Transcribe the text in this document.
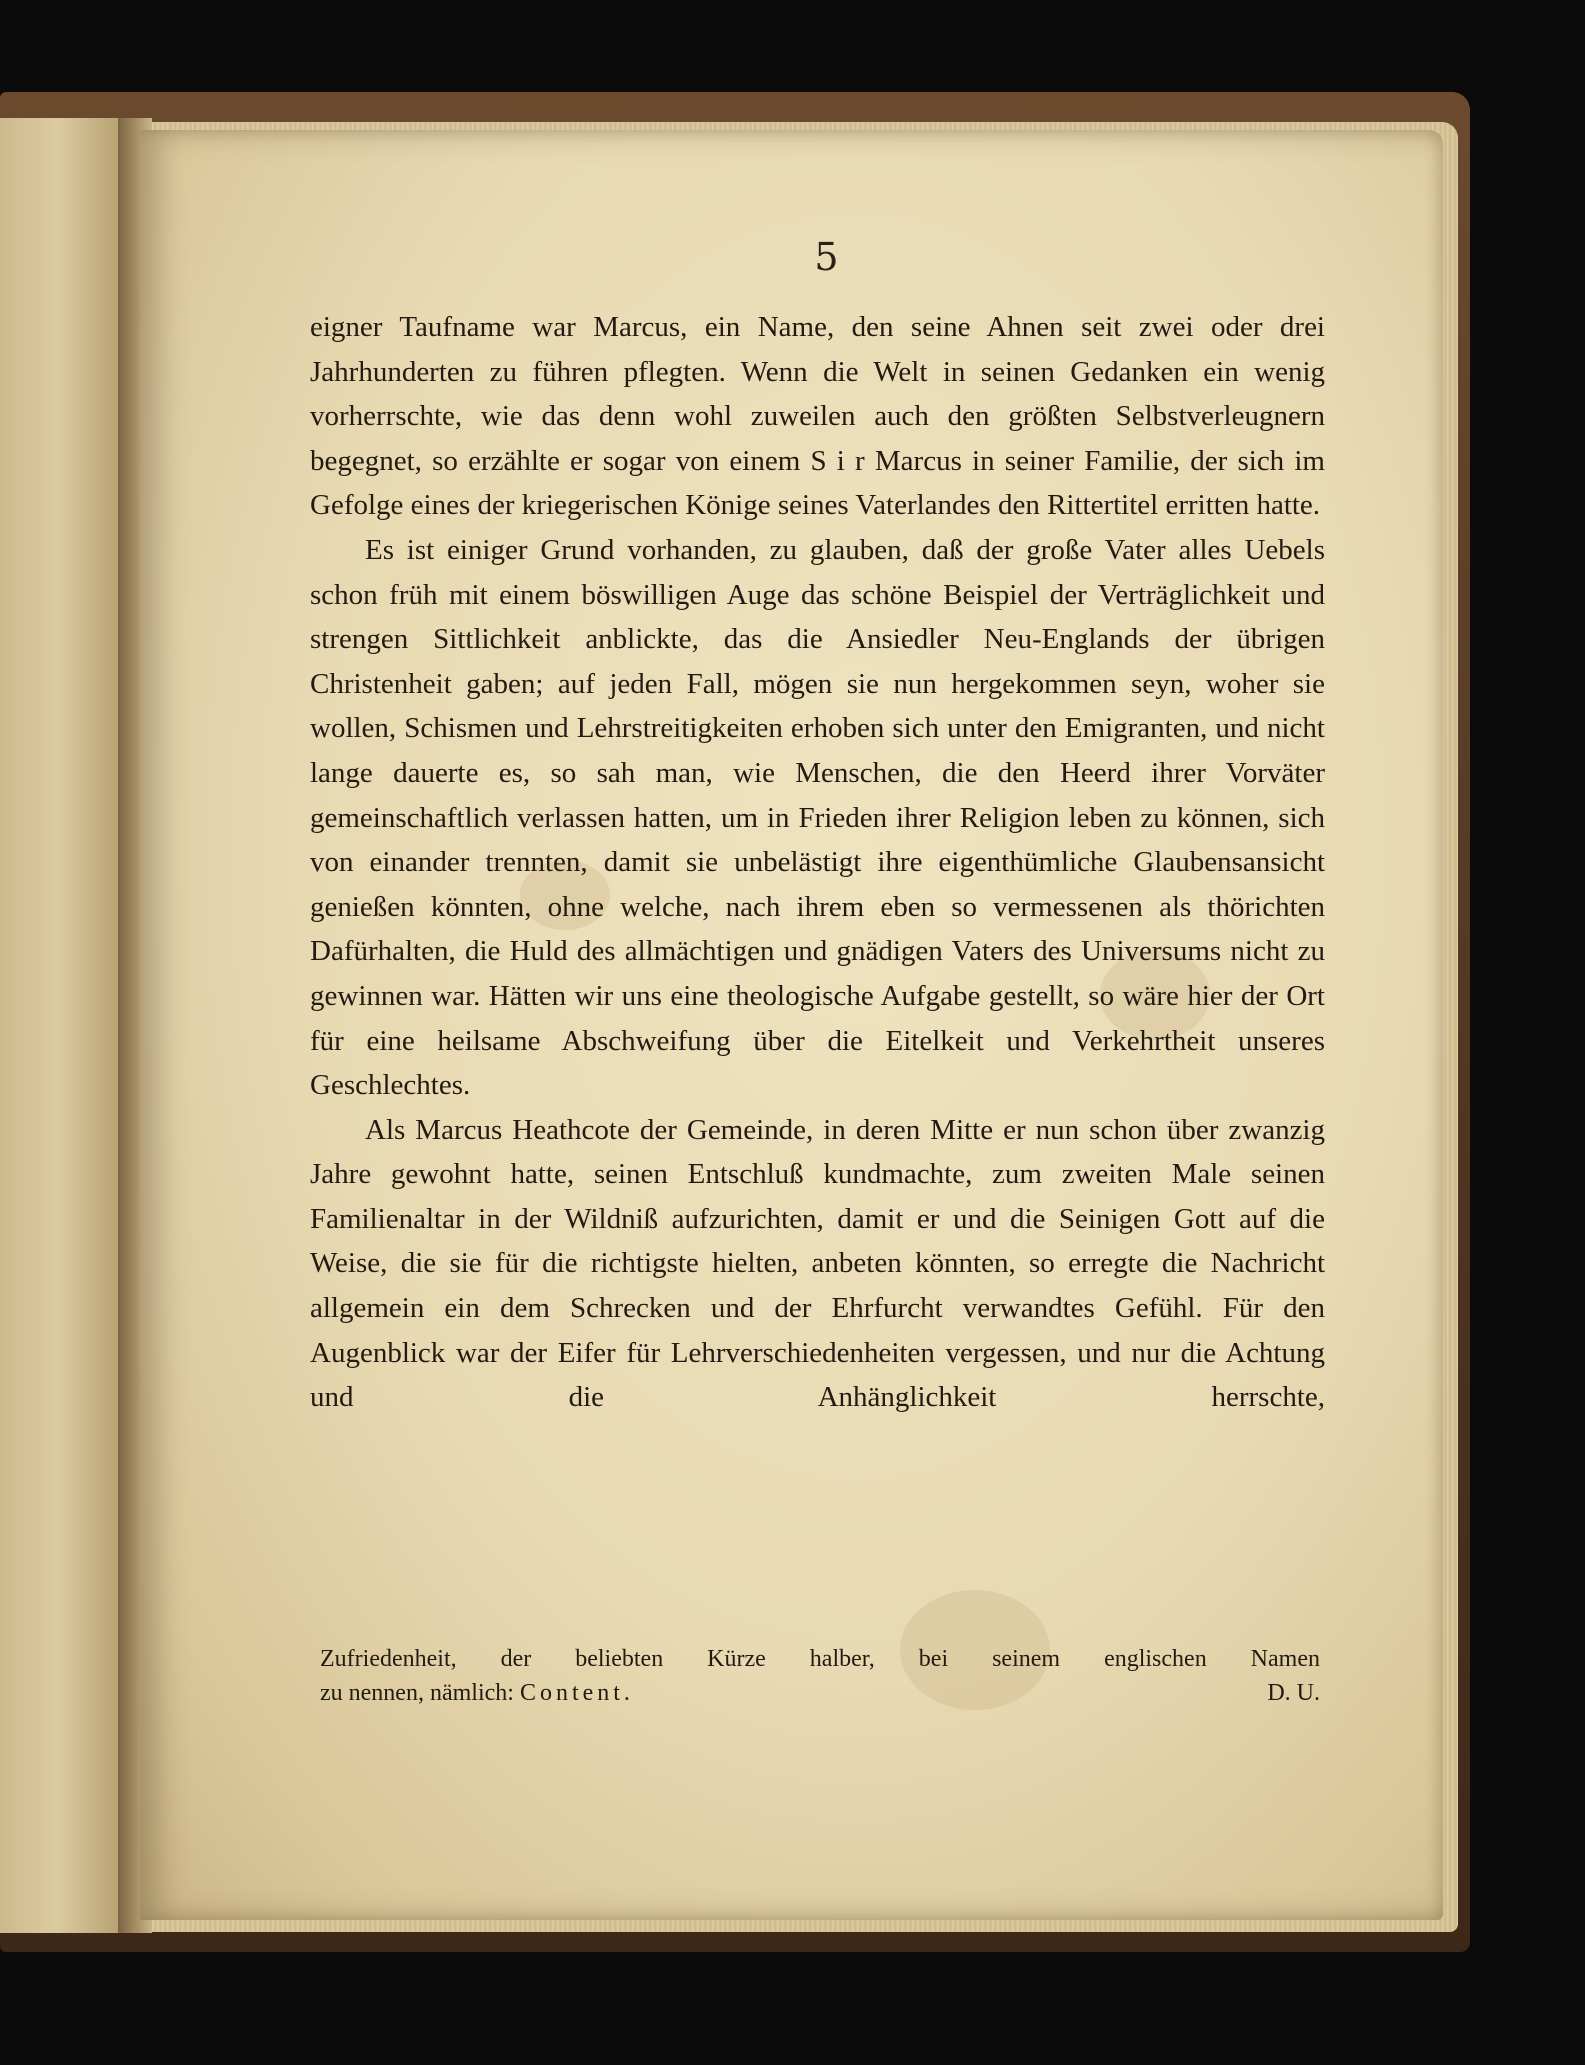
5

eigner Taufname war Marcus, ein Name, den seine Ahnen seit zwei oder drei Jahrhunderten zu führen pflegten. Wenn die Welt in seinen Gedanken ein wenig vorherrschte, wie das denn wohl zuweilen auch den größten Selbstverleugnern begegnet, so erzählte er sogar von einem S i r Marcus in seiner Familie, der sich im Gefolge eines der kriegerischen Könige seines Vaterlandes den Rittertitel erritten hatte.

Es ist einiger Grund vorhanden, zu glauben, daß der große Vater alles Uebels schon früh mit einem böswilligen Auge das schöne Beispiel der Verträglichkeit und strengen Sittlichkeit anblickte, das die Ansiedler Neu-Englands der übrigen Christenheit gaben; auf jeden Fall, mögen sie nun hergekommen seyn, woher sie wollen, Schismen und Lehrstreitigkeiten erhoben sich unter den Emigranten, und nicht lange dauerte es, so sah man, wie Menschen, die den Heerd ihrer Vorväter gemeinschaftlich verlassen hatten, um in Frieden ihrer Religion leben zu können, sich von einander trennten, damit sie unbelästigt ihre eigenthümliche Glaubensansicht genießen könnten, ohne welche, nach ihrem eben so vermessenen als thörichten Dafürhalten, die Huld des allmächtigen und gnädigen Vaters des Universums nicht zu gewinnen war. Hätten wir uns eine theologische Aufgabe gestellt, so wäre hier der Ort für eine heilsame Abschweifung über die Eitelkeit und Verkehrtheit unseres Geschlechtes.

Als Marcus Heathcote der Gemeinde, in deren Mitte er nun schon über zwanzig Jahre gewohnt hatte, seinen Entschluß kundmachte, zum zweiten Male seinen Familienaltar in der Wildniß aufzurichten, damit er und die Seinigen Gott auf die Weise, die sie für die richtigste hielten, anbeten könnten, so erregte die Nachricht allgemein ein dem Schrecken und der Ehrfurcht verwandtes Gefühl. Für den Augenblick war der Eifer für Lehrverschiedenheiten vergessen, und nur die Achtung und die Anhänglichkeit herrschte,

Zufriedenheit, der beliebten Kürze halber, bei seinem englischen Namen
zu nennen, nämlich: Content.	D. U.
